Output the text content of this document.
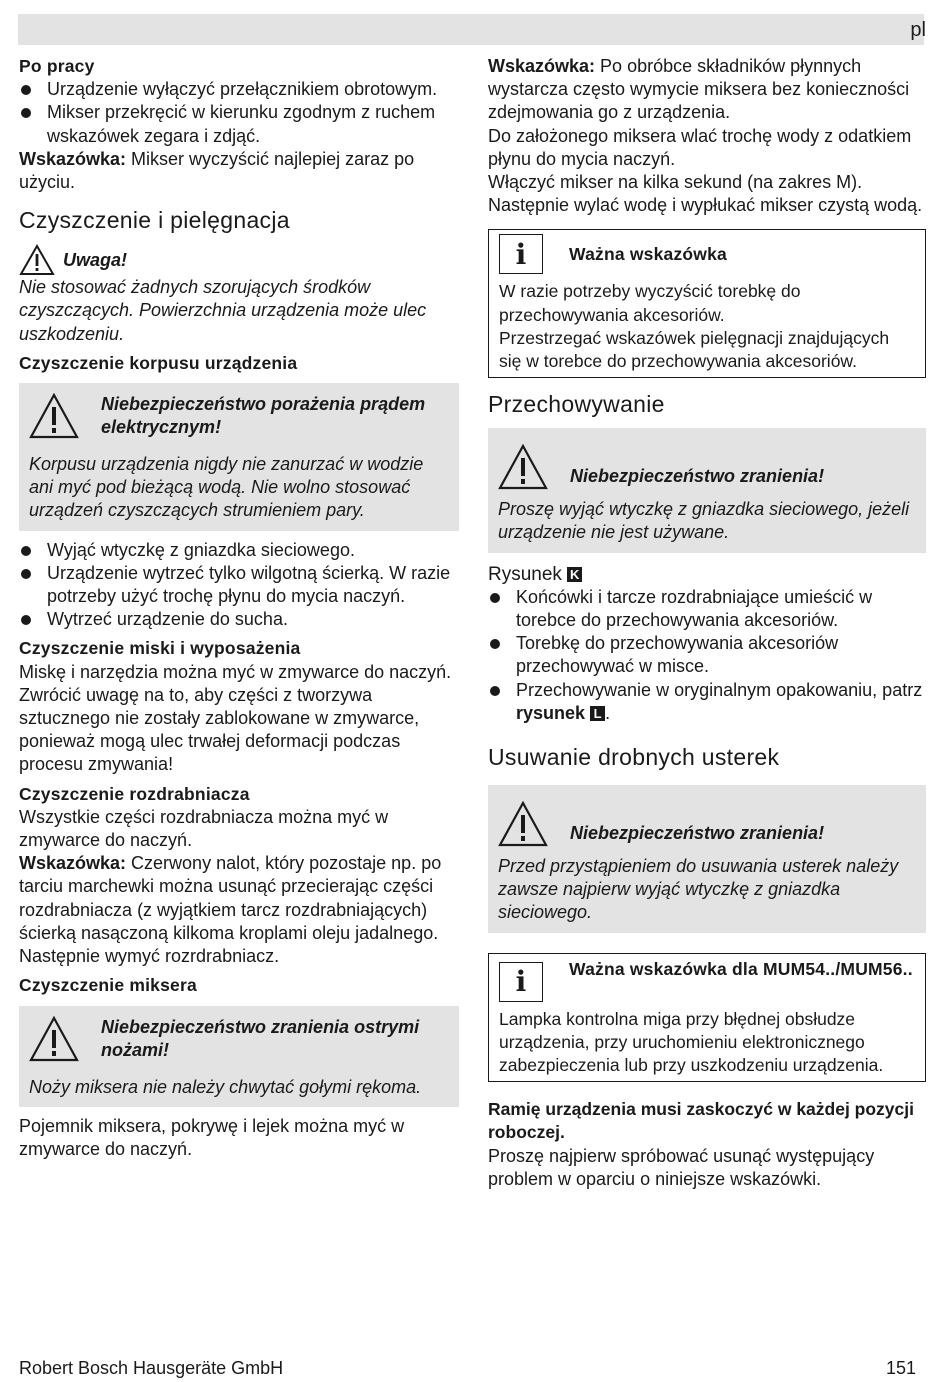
pl
Po pracy
Urządzenie wyłączyć przełącznikiem obrotowym.
Mikser przekręcić w kierunku zgodnym z ruchem wskazówek zegara i zdjąć.

Wskazówka: Mikser wyczyścić najlepiej zaraz po użyciu.

Czyszczenie i pielęgnacja
Uwaga!

Nie stosować żadnych szorujących środków czyszczących. Powierzchnia urządzenia może ulec uszkodzeniu.

Czyszczenie korpusu urządzenia
Niebezpieczeństwo porażenia prądem elektrycznym!
Korpusu urządzenia nigdy nie zanurzać w wodzie ani myć pod bieżącą wodą. Nie wolno stosować urządzeń czyszczących strumieniem pary.
Wyjąć wtyczkę z gniazdka sieciowego.
Urządzenie wytrzeć tylko wilgotną ścierką. W razie potrzeby użyć trochę płynu do mycia naczyń.
Wytrzeć urządzenie do sucha.
Czyszczenie miski i wyposażenia

Miskę i narzędzia można myć w zmywarce do naczyń.

Zwrócić uwagę na to, aby części z tworzywa sztucznego nie zostały zablokowane w zmywarce, ponieważ mogą ulec trwałej deformacji podczas procesu zmywania!

Czyszczenie rozdrabniacza

Wszystkie części rozdrabniacza można myć w zmywarce do naczyń.

Wskazówka: Czerwony nalot, który pozostaje np. po tarciu marchewki można usunąć przecierając części rozdrabniacza (z wyjątkiem tarcz rozdrabniających) ścierką nasączoną kilkoma kroplami oleju jadalnego.

Następnie wymyć rozrdrabniacz.

Czyszczenie miksera
Niebezpieczeństwo zranienia ostrymi nożami!
Noży miksera nie należy chwytać gołymi rękoma.

Pojemnik miksera, pokrywę i lejek można myć w zmywarce do naczyń.

Wskazówka: Po obróbce składników płynnych wystarcza często wymycie miksera bez konieczności zdejmowania go z urządzenia.

Do założonego miksera wlać trochę wody z odatkiem płynu do mycia naczyń.

Włączyć mikser na kilka sekund (na zakres M).

Następnie wylać wodę i wypłukać mikser czystą wodą.

i	Ważna wskazówka
W razie potrzeby wyczyścić torebkę do przechowywania akcesoriów.
Przestrzegać wskazówek pielęgnacji znajdujących się w torebce do przechowywania akcesoriów.
Przechowywanie
Niebezpieczeństwo zranienia!
Proszę wyjąć wtyczkę z gniazdka sieciowego, jeżeli urządzenie nie jest używane.
Rysunek K
Końcówki i tarcze rozdrabniające umieścić w torebce do przechowywania akcesoriów.
Torebkę do przechowywania akcesoriów przechowywać w misce.
Przechowywanie w oryginalnym opakowaniu, patrz rysunek L .
Usuwanie drobnych usterek
Niebezpieczeństwo zranienia!
Przed przystąpieniem do usuwania usterek należy zawsze najpierw wyjąć wtyczkę z gniazdka sieciowego.
i	Ważna wskazówka dla MUM54../MUM56..
Lampka kontrolna miga przy błędnej obsłudze urządzenia, przy uruchomieniu elektronicznego zabezpieczenia lub przy uszkodzeniu urządzenia.

Ramię urządzenia musi zaskoczyć w każdej pozycji roboczej.

Proszę najpierw spróbować usunąć występujący problem w oparciu o niniejsze wskazówki.

Robert Bosch Hausgeräte GmbH	151
